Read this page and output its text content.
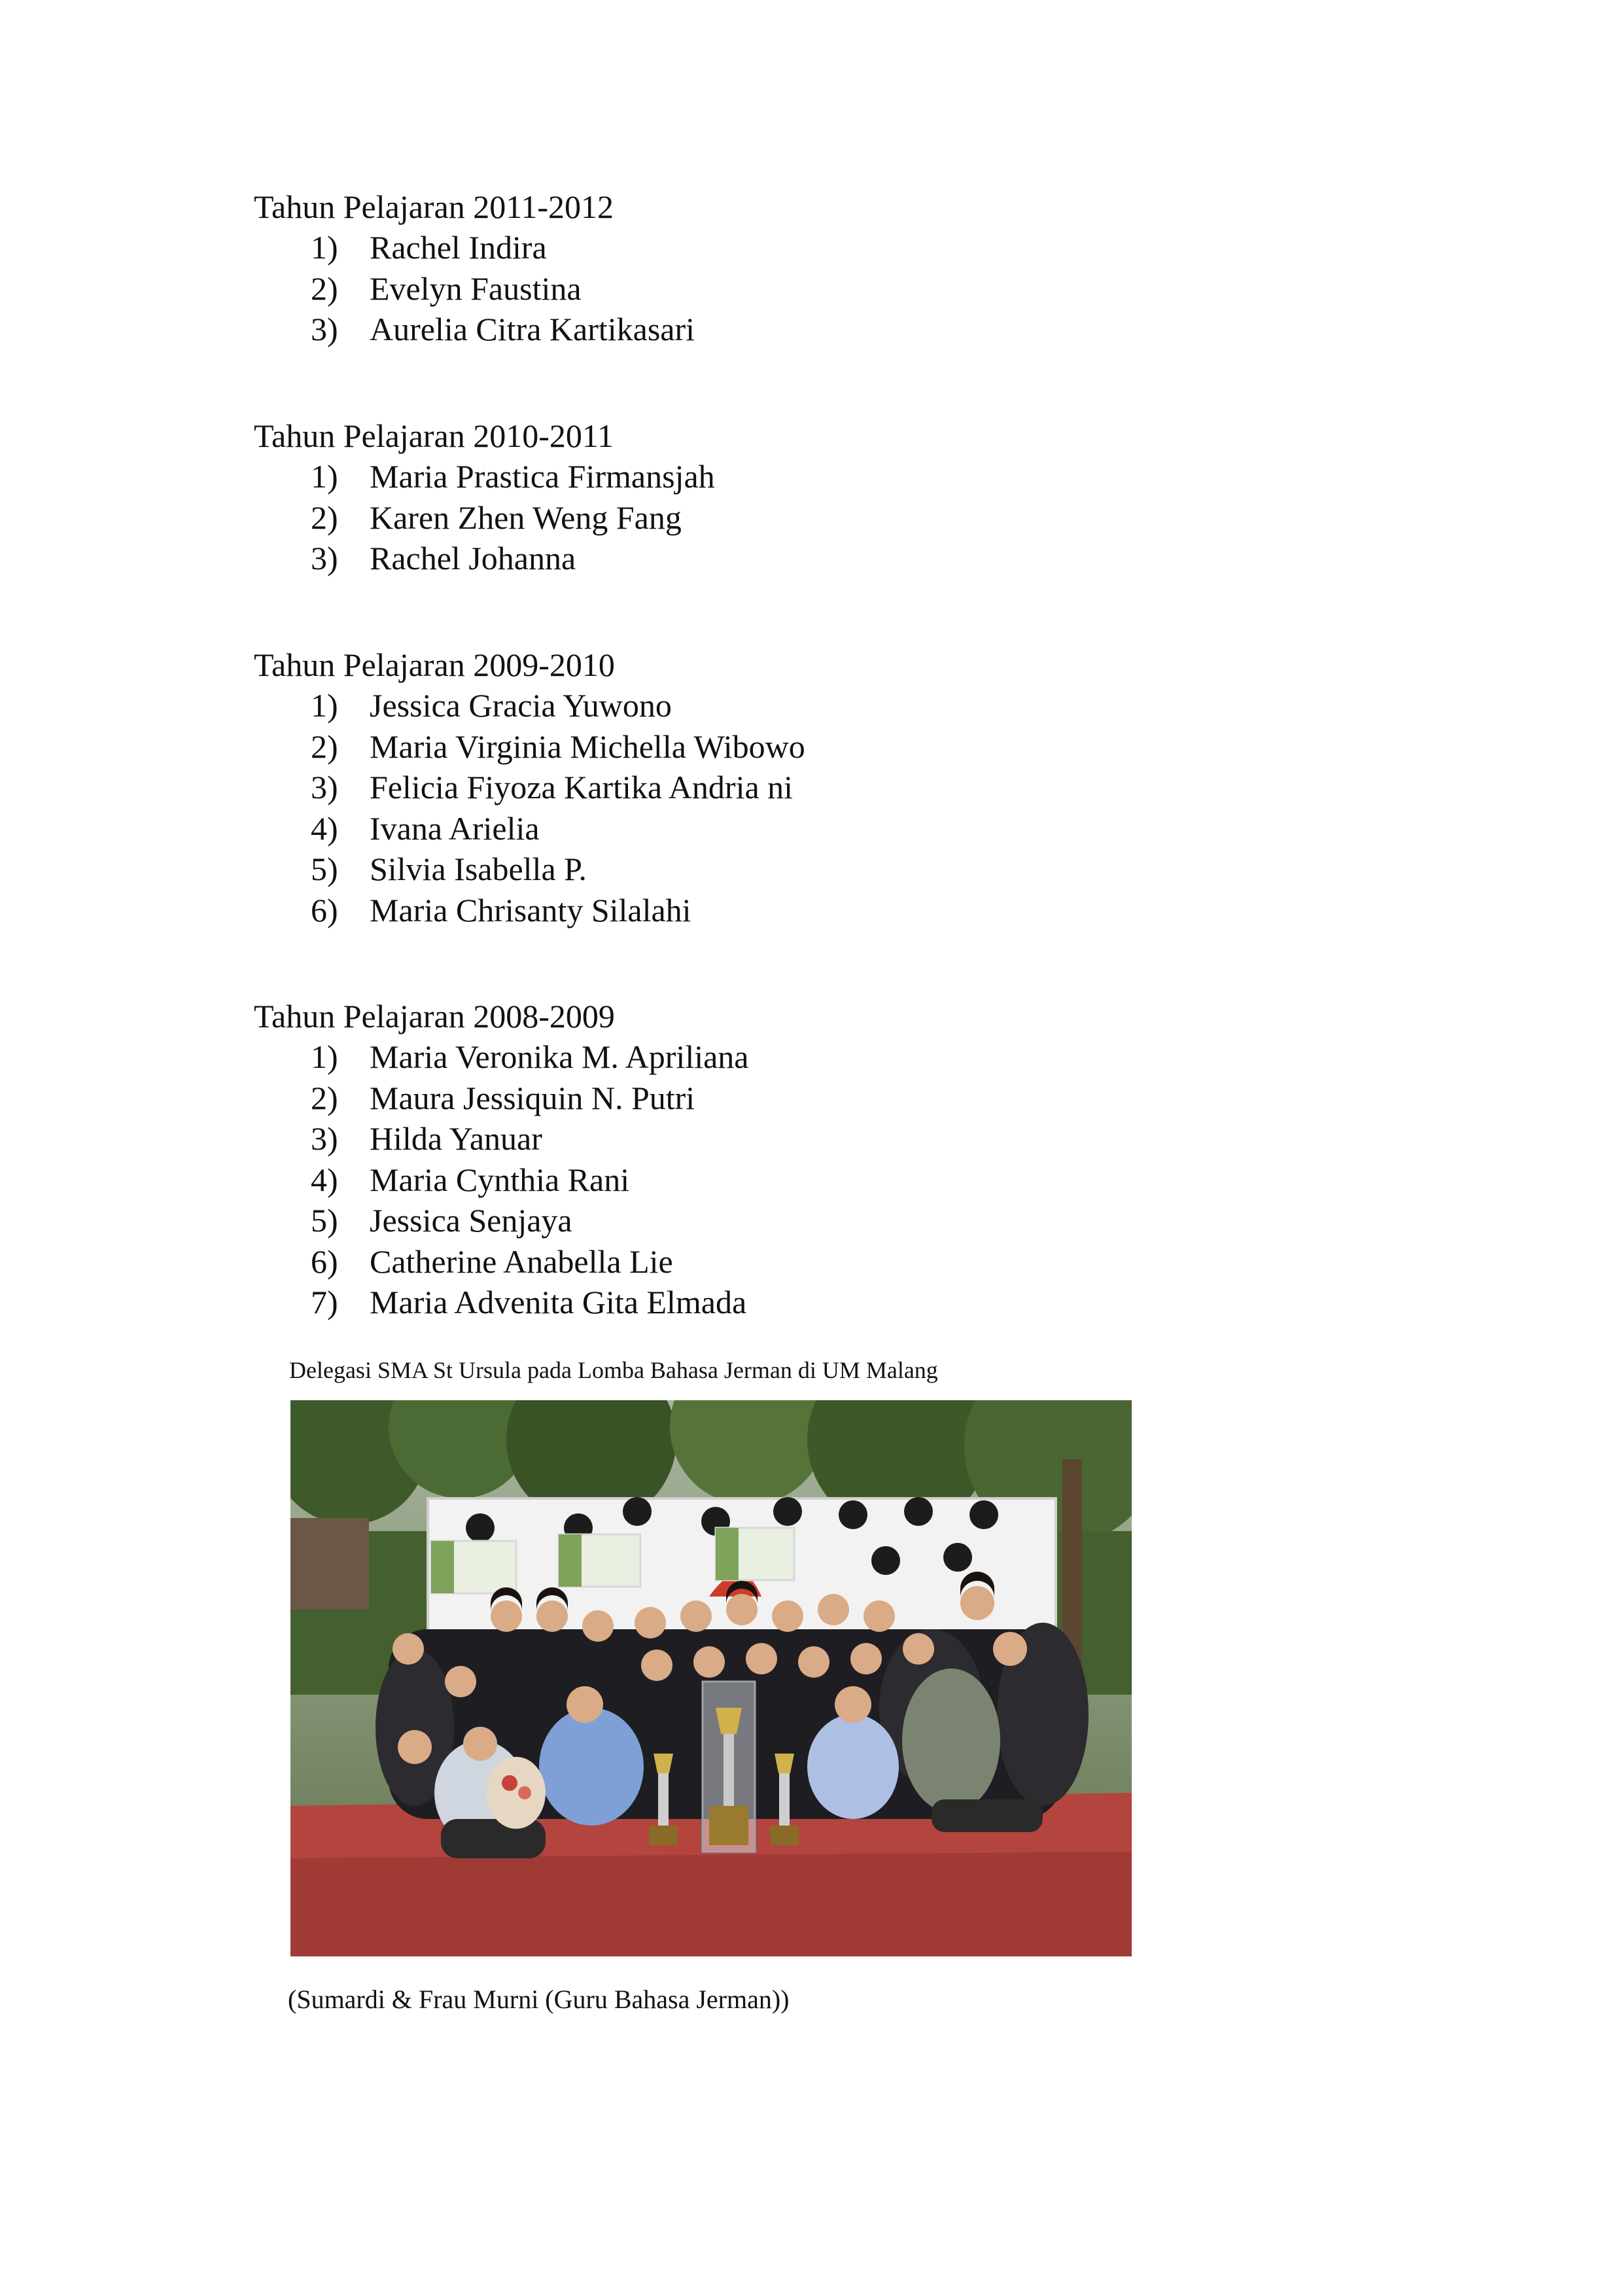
Tahun Pelajaran 2011-2012
1) Rachel Indira
2) Evelyn Faustina
3) Aurelia Citra Kartikasari
Tahun Pelajaran 2010-2011
1) Maria Prastica Firmansjah
2) Karen Zhen Weng Fang
3) Rachel Johanna
Tahun Pelajaran 2009-2010
1) Jessica Gracia Yuwono
2) Maria Virginia Michella Wibowo
3) Felicia Fiyoza Kartika Andria ni
4) Ivana Arielia
5) Silvia Isabella P.
6) Maria Chrisanty Silalahi
Tahun Pelajaran 2008-2009
1) Maria Veronika M. Apriliana
2) Maura Jessiquin N. Putri
3) Hilda Yanuar
4) Maria Cynthia Rani
5) Jessica Senjaya
6) Catherine Anabella Lie
7) Maria Advenita Gita Elmada
Delegasi SMA St Ursula pada Lomba Bahasa Jerman di UM Malang
(Sumardi & Frau Murni (Guru Bahasa Jerman))
